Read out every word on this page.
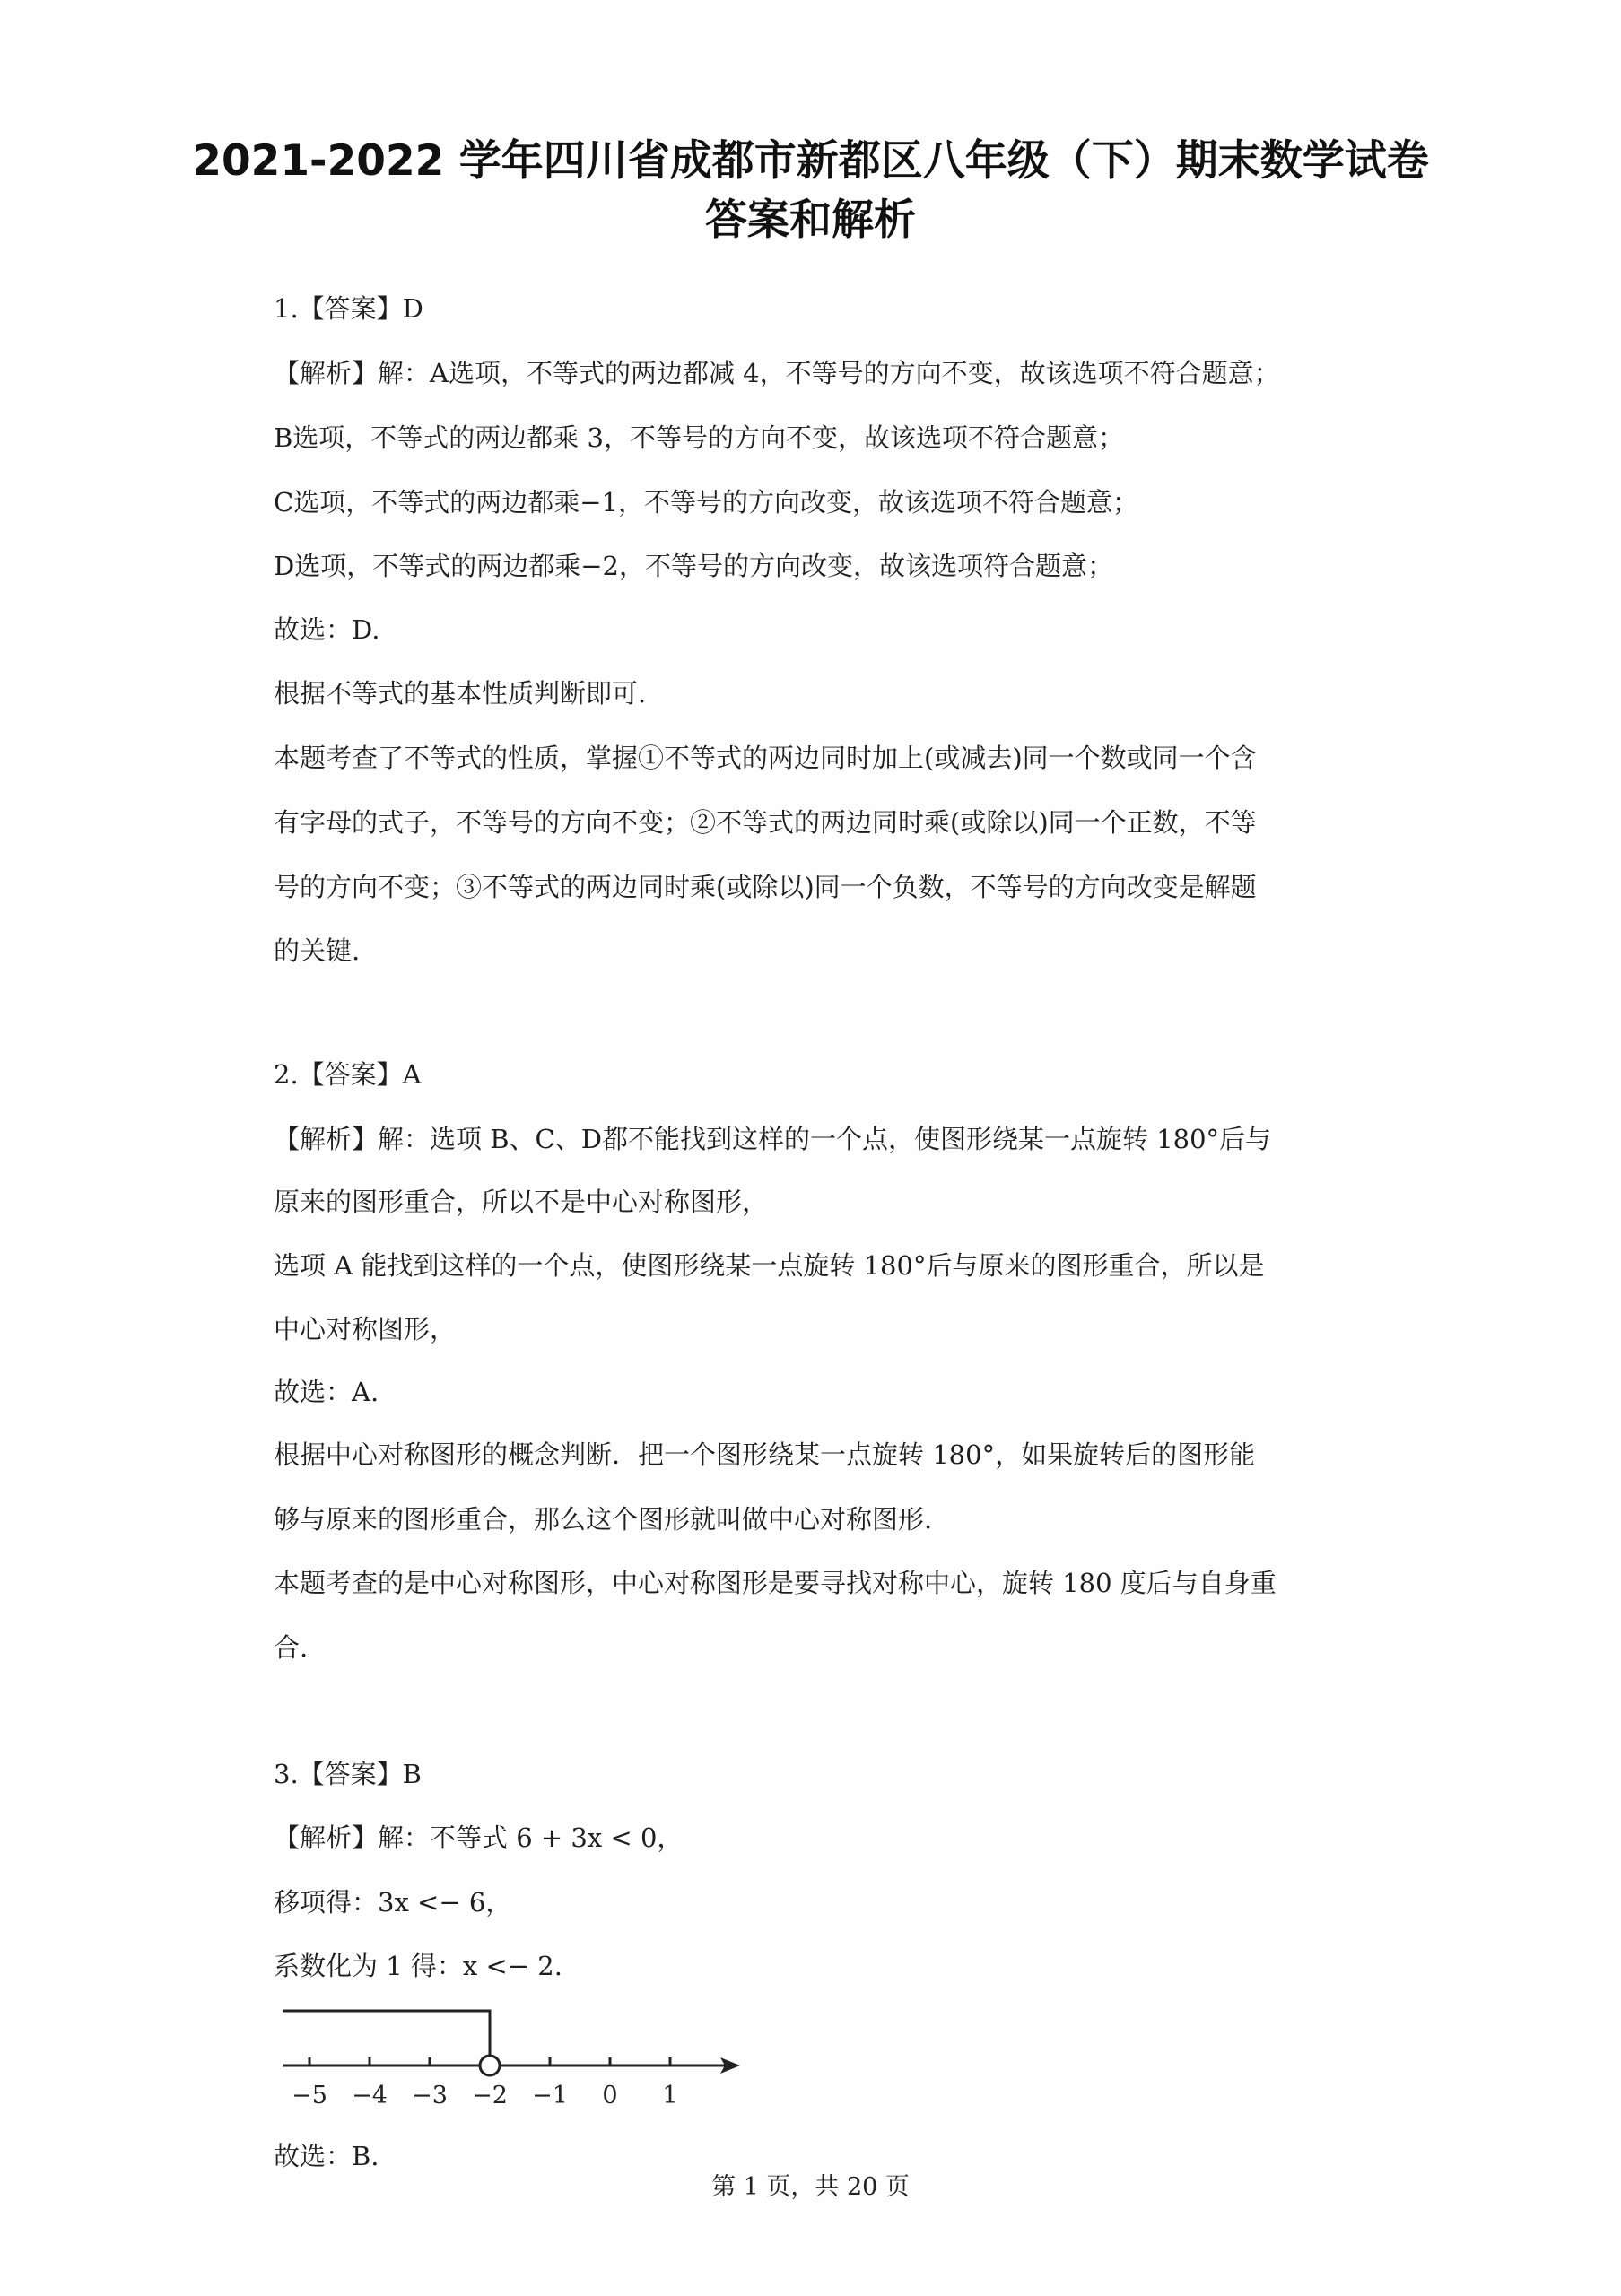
2021-2022 学年四川省成都市新都区八年级（下）期末数学试卷
答案和解析
1.【答案】D
【解析】解：A选项，不等式的两边都减 4，不等号的方向不变，故该选项不符合题意；
B选项，不等式的两边都乘 3，不等号的方向不变，故该选项不符合题意；
C选项，不等式的两边都乘−1，不等号的方向改变，故该选项不符合题意；
D选项，不等式的两边都乘−2，不等号的方向改变，故该选项符合题意；
故选：D.
根据不等式的基本性质判断即可.
本题考查了不等式的性质，掌握①不等式的两边同时加上(或减去)同一个数或同一个含
有字母的式子，不等号的方向不变；②不等式的两边同时乘(或除以)同一个正数，不等
号的方向不变；③不等式的两边同时乘(或除以)同一个负数，不等号的方向改变是解题
的关键.
2.【答案】A
【解析】解：选项 B、C、D都不能找到这样的一个点，使图形绕某一点旋转 180°后与
原来的图形重合，所以不是中心对称图形，
选项 A 能找到这样的一个点，使图形绕某一点旋转 180°后与原来的图形重合，所以是
中心对称图形，
故选：A.
根据中心对称图形的概念判断．把一个图形绕某一点旋转 180°，如果旋转后的图形能
够与原来的图形重合，那么这个图形就叫做中心对称图形.
本题考查的是中心对称图形，中心对称图形是要寻找对称中心，旋转 180 度后与自身重
合.
3.【答案】B
【解析】解：不等式 6 + 3x < 0，
移项得：3x <− 6，
系数化为 1 得：x <− 2.
−5 −4 −3 −2 −1 0 1
故选：B.
第 1 页，共 20 页
